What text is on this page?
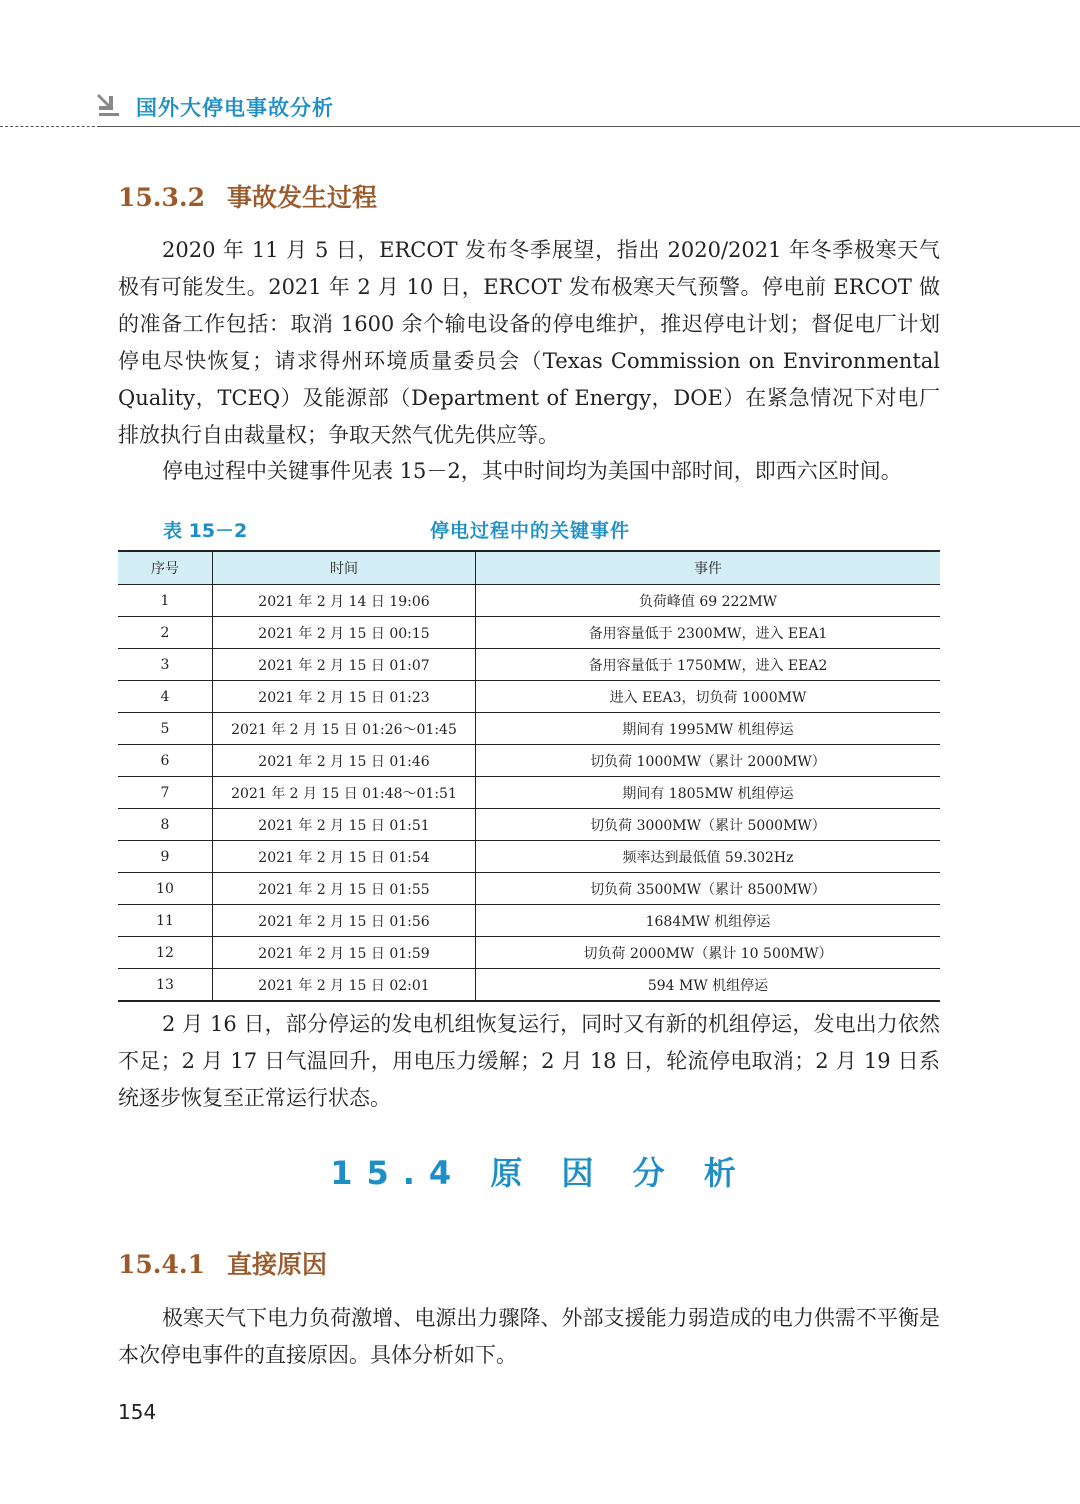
国外大停电事故分析
15.3.2 事故发生过程

2020 年 11 月 5 日，ERCOT 发布冬季展望，指出 2020/2021 年冬季极寒天气极有可能发生。2021 年 2 月 10 日，ERCOT 发布极寒天气预警。停电前 ERCOT 做的准备工作包括：取消 1600 余个输电设备的停电维护，推迟停电计划；督促电厂计划停电尽快恢复；请求得州环境质量委员会（Texas Commission on Environmental Quality，TCEQ）及能源部（Department of Energy，DOE）在紧急情况下对电厂排放执行自由裁量权；争取天然气优先供应等。

停电过程中关键事件见表 15－2，其中时间均为美国中部时间，即西六区时间。

表 15－2	停电过程中的关键事件
序号	时间	事件
1	2021 年 2 月 14 日 19:06	负荷峰值 69 222MW
2	2021 年 2 月 15 日 00:15	备用容量低于 2300MW，进入 EEA1
3	2021 年 2 月 15 日 01:07	备用容量低于 1750MW，进入 EEA2
4	2021 年 2 月 15 日 01:23	进入 EEA3，切负荷 1000MW
5	2021 年 2 月 15 日 01:26～01:45	期间有 1995MW 机组停运
6	2021 年 2 月 15 日 01:46	切负荷 1000MW（累计 2000MW）
7	2021 年 2 月 15 日 01:48～01:51	期间有 1805MW 机组停运
8	2021 年 2 月 15 日 01:51	切负荷 3000MW（累计 5000MW）
9	2021 年 2 月 15 日 01:54	频率达到最低值 59.302Hz
10	2021 年 2 月 15 日 01:55	切负荷 3500MW（累计 8500MW）
11	2021 年 2 月 15 日 01:56	1684MW 机组停运
12	2021 年 2 月 15 日 01:59	切负荷 2000MW（累计 10 500MW）
13	2021 年 2 月 15 日 02:01	594 MW 机组停运

2 月 16 日，部分停运的发电机组恢复运行，同时又有新的机组停运，发电出力依然不足；2 月 17 日气温回升，用电压力缓解；2 月 18 日，轮流停电取消；2 月 19 日系统逐步恢复至正常运行状态。

15.4 原 因 分 析
15.4.1 直接原因

极寒天气下电力负荷激增、电源出力骤降、外部支援能力弱造成的电力供需不平衡是本次停电事件的直接原因。具体分析如下。

154
